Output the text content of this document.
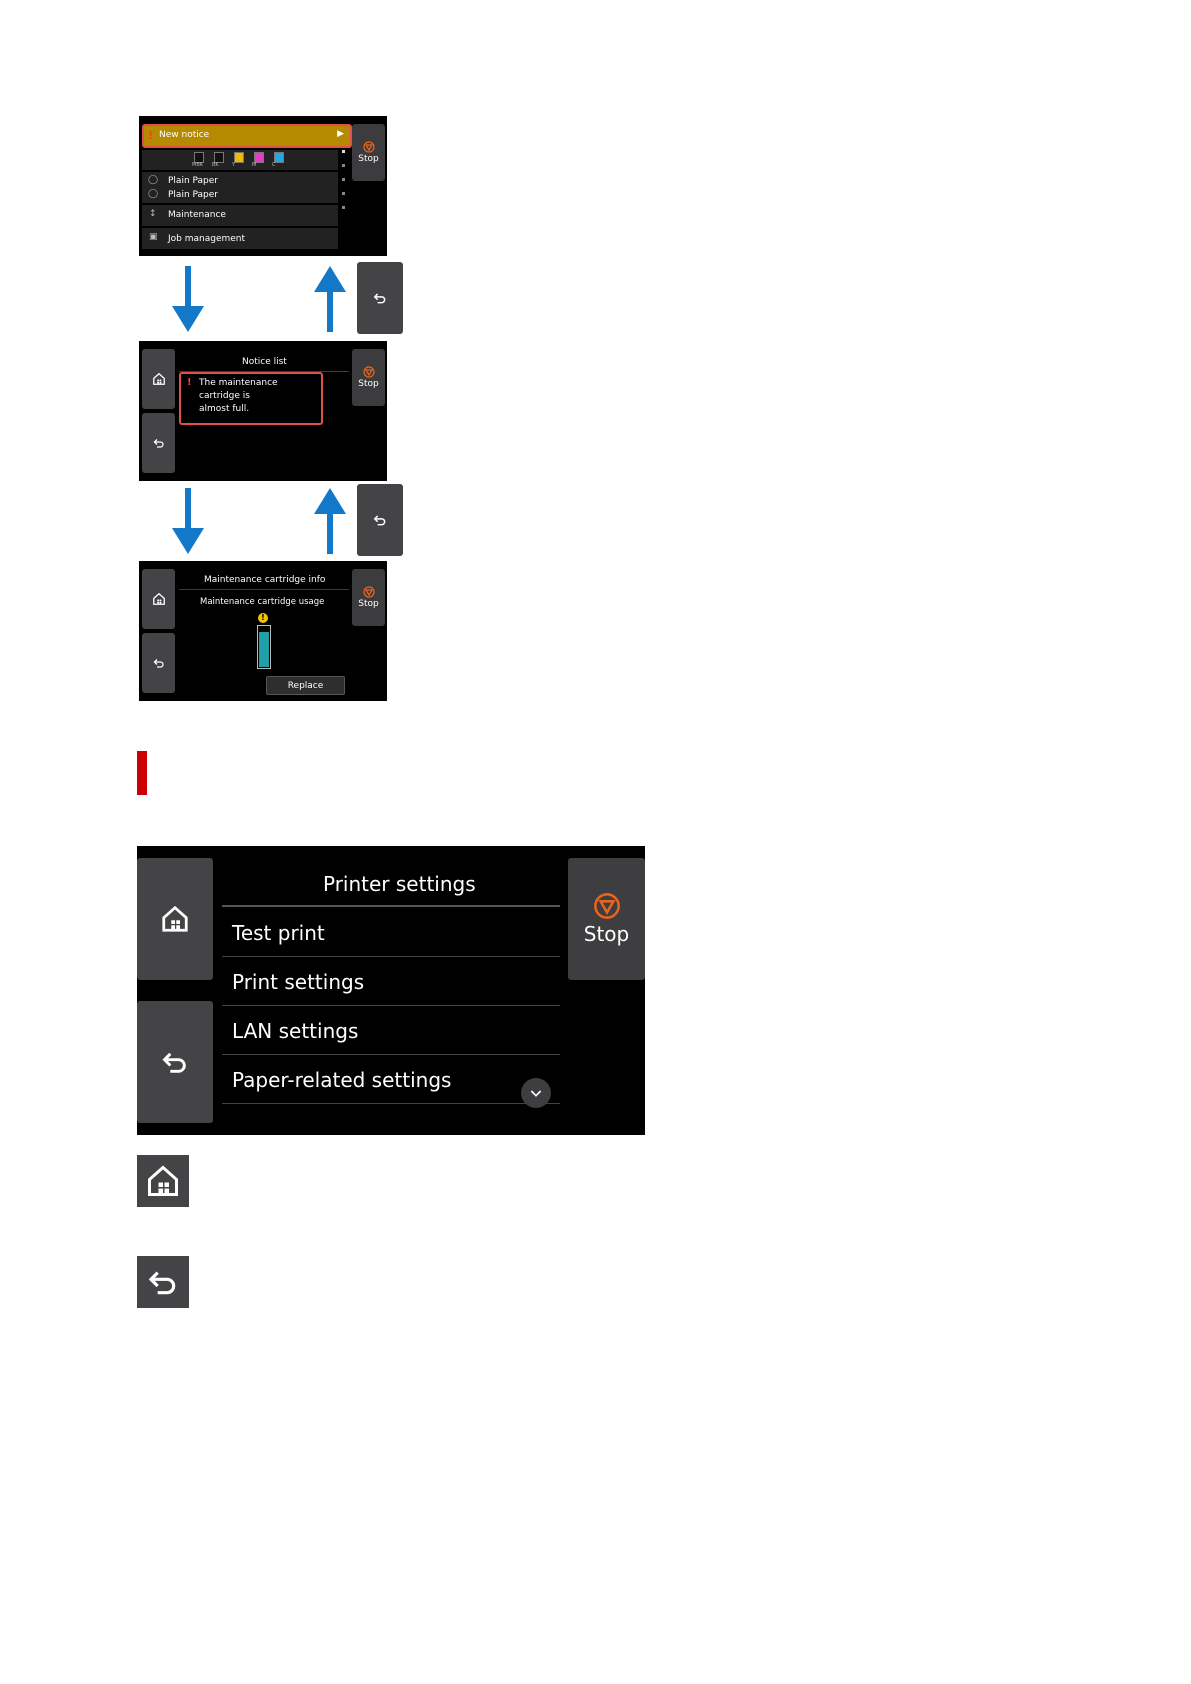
! New notice	▶
MBK BK	Y	M	C
◯ Plain Paper
◯ Plain Paper
↕ Maintenance
▣ Job management
Stop
Notice list
! The maintenance
cartridge is
almost full.
Stop
Maintenance cartridge info
Maintenance cartridge usage
!
Replace
Stop
Printer settings
Test print
Print settings
LAN settings
Paper-related settings
Stop
